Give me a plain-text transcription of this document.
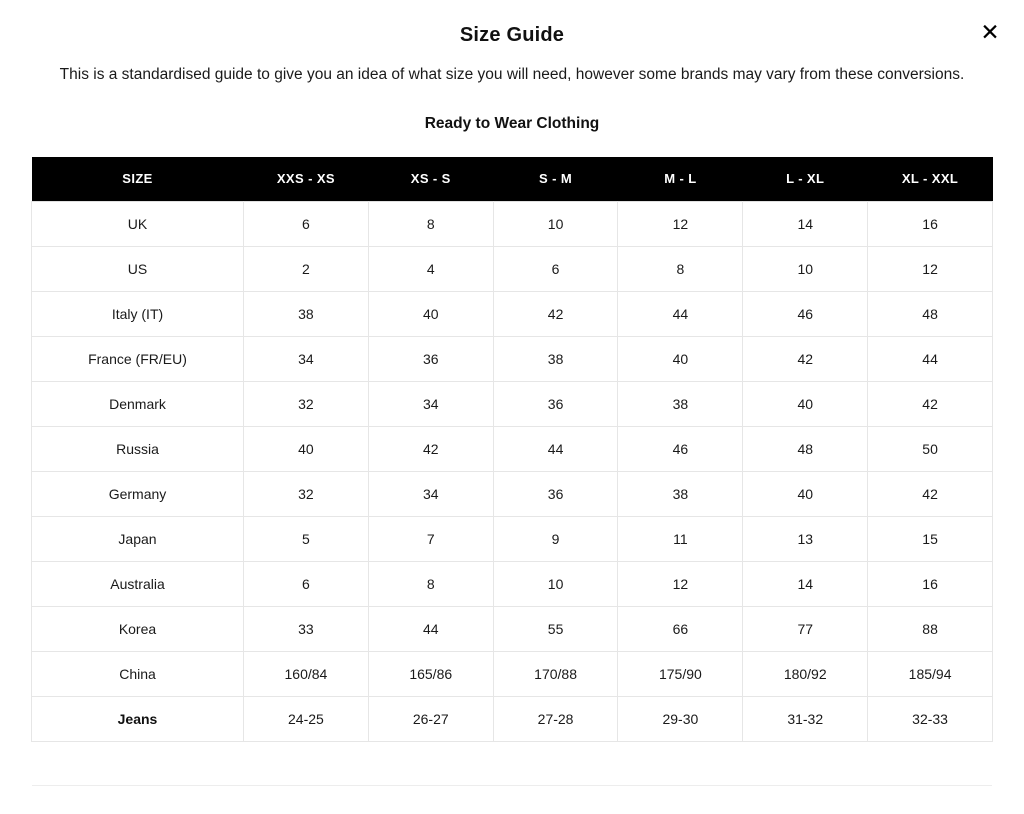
✕
Size Guide

This is a standardised guide to give you an idea of what size you will need, however some brands may vary from these conversions.

Ready to Wear Clothing
SIZE	XXS - XS	XS - S	S - M	M - L	L - XL	XL - XXL
UK	6	8	10	12	14	16
US	2	4	6	8	10	12
Italy (IT)	38	40	42	44	46	48
France (FR/EU)	34	36	38	40	42	44
Denmark	32	34	36	38	40	42
Russia	40	42	44	46	48	50
Germany	32	34	36	38	40	42
Japan	5	7	9	11	13	15
Australia	6	8	10	12	14	16
Korea	33	44	55	66	77	88
China	160/84	165/86	170/88	175/90	180/92	185/94
Jeans	24-25	26-27	27-28	29-30	31-32	32-33
